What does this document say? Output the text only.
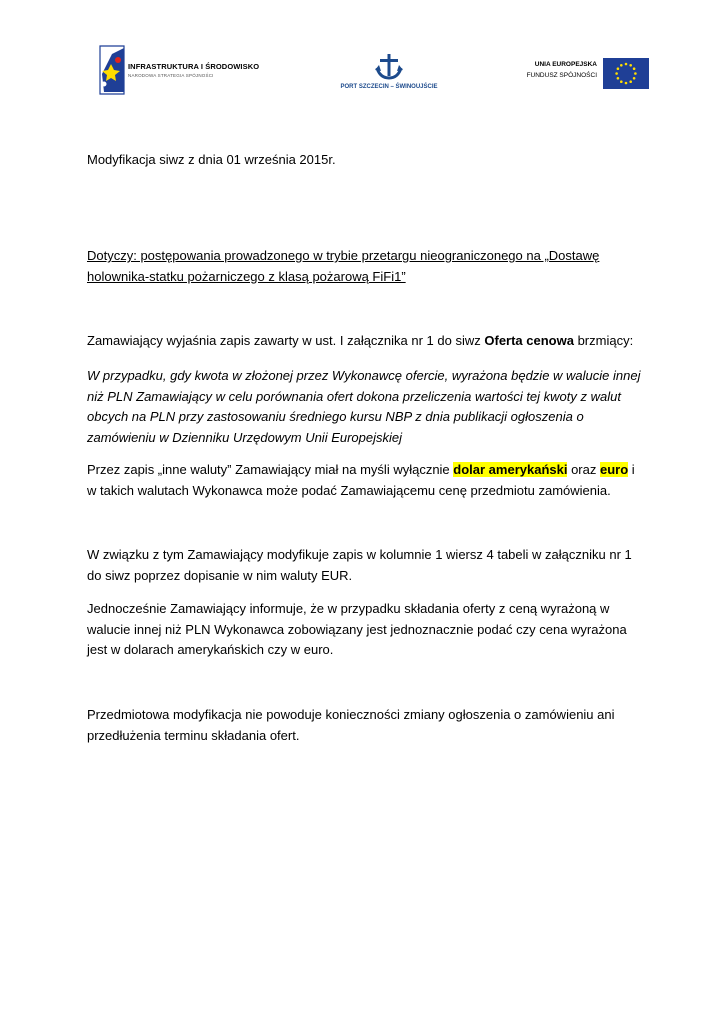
INFRASTRUKTURA I ŚRODOWISKO
NARODOWA STRATEGIA SPÓJNOŚCI
PORT SZCZECIN – ŚWINOUJŚCIE
UNIA EUROPEJSKA
FUNDUSZ SPÓJNOŚCI

Modyfikacja siwz z dnia 01 września 2015r.

Dotyczy: postępowania prowadzonego w trybie przetargu nieograniczonego na „Dostawę holownika-statku pożarniczego z klasą pożarową FiFi1”

Zamawiający wyjaśnia zapis zawarty w ust. I załącznika nr 1 do siwz Oferta cenowa brzmiący:

W przypadku, gdy kwota w złożonej przez Wykonawcę ofercie, wyrażona będzie w walucie innej niż PLN Zamawiający w celu porównania ofert dokona przeliczenia wartości tej kwoty z walut obcych na PLN przy zastosowaniu średniego kursu NBP z dnia publikacji ogłoszenia o zamówieniu w Dzienniku Urzędowym Unii Europejskiej

Przez zapis „inne waluty” Zamawiający miał na myśli wyłącznie dolar amerykański oraz euro i w takich walutach Wykonawca może podać Zamawiającemu cenę przedmiotu zamówienia.

W związku z tym Zamawiający modyfikuje zapis w kolumnie 1 wiersz 4 tabeli w załączniku nr 1 do siwz poprzez dopisanie w nim waluty EUR.

Jednocześnie Zamawiający informuje, że w przypadku składania oferty z ceną wyrażoną w walucie innej niż PLN Wykonawca zobowiązany jest jednoznacznie podać czy cena wyrażona jest w dolarach amerykańskich czy w euro.

Przedmiotowa modyfikacja nie powoduje konieczności zmiany ogłoszenia o zamówieniu ani przedłużenia terminu składania ofert.
